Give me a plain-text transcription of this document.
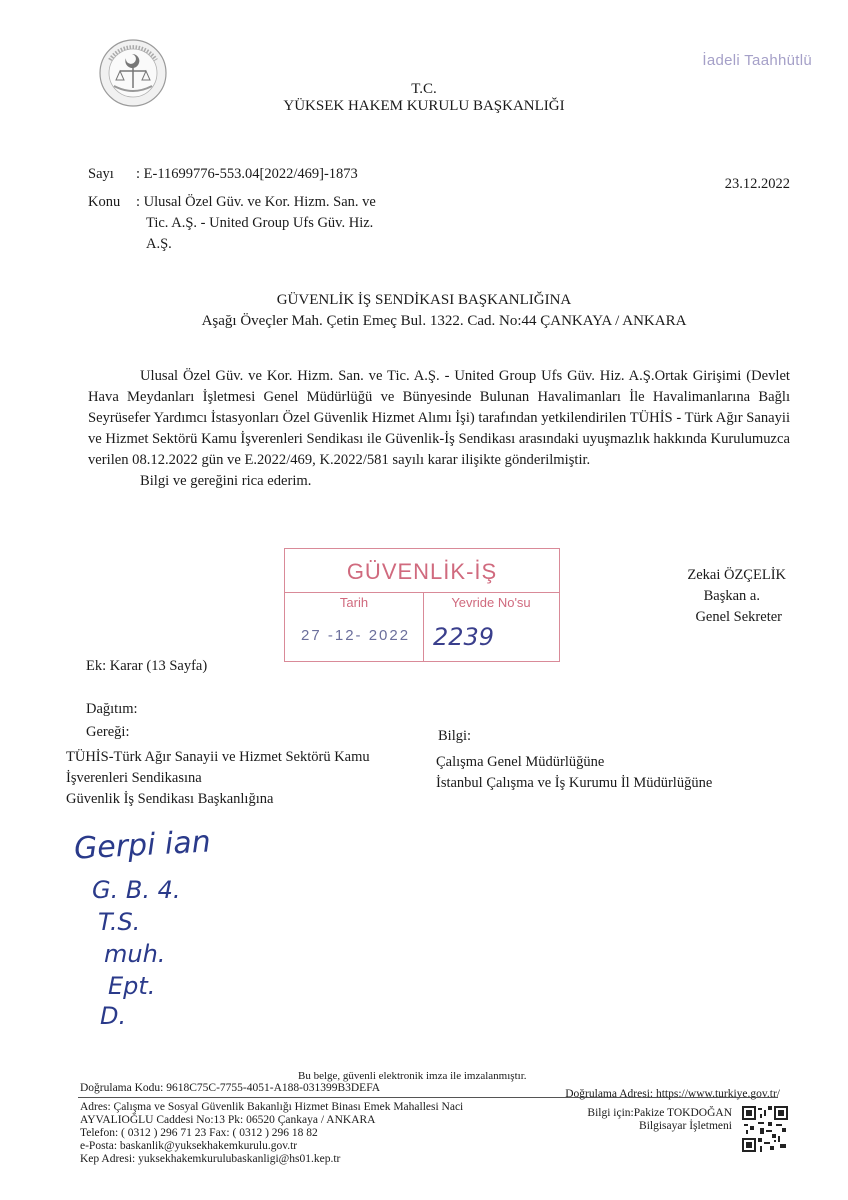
İadeli Taahhütlü
T.C.
YÜKSEK HAKEM KURULU BAŞKANLIĞI
Sayı : E-11699776-553.04[2022/469]-1873
23.12.2022
Konu : Ulusal Özel Güv. ve Kor. Hizm. San. ve
Tic. A.Ş. - United Group Ufs Güv. Hiz.
A.Ş.
GÜVENLİK İŞ SENDİKASI BAŞKANLIĞINA
Aşağı Öveçler Mah. Çetin Emeç Bul. 1322. Cad. No:44 ÇANKAYA / ANKARA

Ulusal Özel Güv. ve Kor. Hizm. San. ve Tic. A.Ş. - United Group Ufs Güv. Hiz. A.Ş.Ortak Girişimi (Devlet Hava Meydanları İşletmesi Genel Müdürlüğü ve Bünyesinde Bulunan Havalimanları İle Havalimanlarına Bağlı Seyrüsefer Yardımcı İstasyonları Özel Güvenlik Hizmet Alımı İşi) tarafından yetkilendirilen TÜHİS - Türk Ağır Sanayii ve Hizmet Sektörü Kamu İşverenleri Sendikası ile Güvenlik-İş Sendikası arasındaki uyuşmazlık hakkında Kurulumuzca verilen 08.12.2022 gün ve E.2022/469, K.2022/581 sayılı karar ilişikte gönderilmiştir.

Bilgi ve gereğini rica ederim.

GÜVENLİK-İŞ
Tarih	Yevride No'su
27 -12- 2022 2239
Zekai ÖZÇELİK
Başkan a.
Genel Sekreter
Ek: Karar (13 Sayfa)
Dağıtım:
Gereği:
TÜHİS-Türk Ağır Sanayii ve Hizmet Sektörü Kamu
İşverenleri Sendikasına
Güvenlik İş Sendikası Başkanlığına
Bilgi:
Çalışma Genel Müdürlüğüne
İstanbul Çalışma ve İş Kurumu İl Müdürlüğüne
Gerpi ian
G. B. 4.
T.S.
muh.
Ept.
D.
Bu belge, güvenli elektronik imza ile imzalanmıştır.
Doğrulama Kodu: 9618C75C-7755-4051-A188-031399B3DEFA	Doğrulama Adresi: https://www.turkiye.gov.tr/
Adres: Çalışma ve Sosyal Güvenlik Bakanlığı Hizmet Binası Emek Mahallesi Naci
AYVALIOĞLU Caddesi No:13 Pk: 06520 Çankaya / ANKARA
Telefon: ( 0312 ) 296 71 23 Fax: ( 0312 ) 296 18 82
e-Posta: baskanlik@yuksekhakemkurulu.gov.tr
Kep Adresi: yuksekhakemkurulubaskanligi@hs01.kep.tr
Bilgi için:Pakize TOKDOĞAN
Bilgisayar İşletmeni
